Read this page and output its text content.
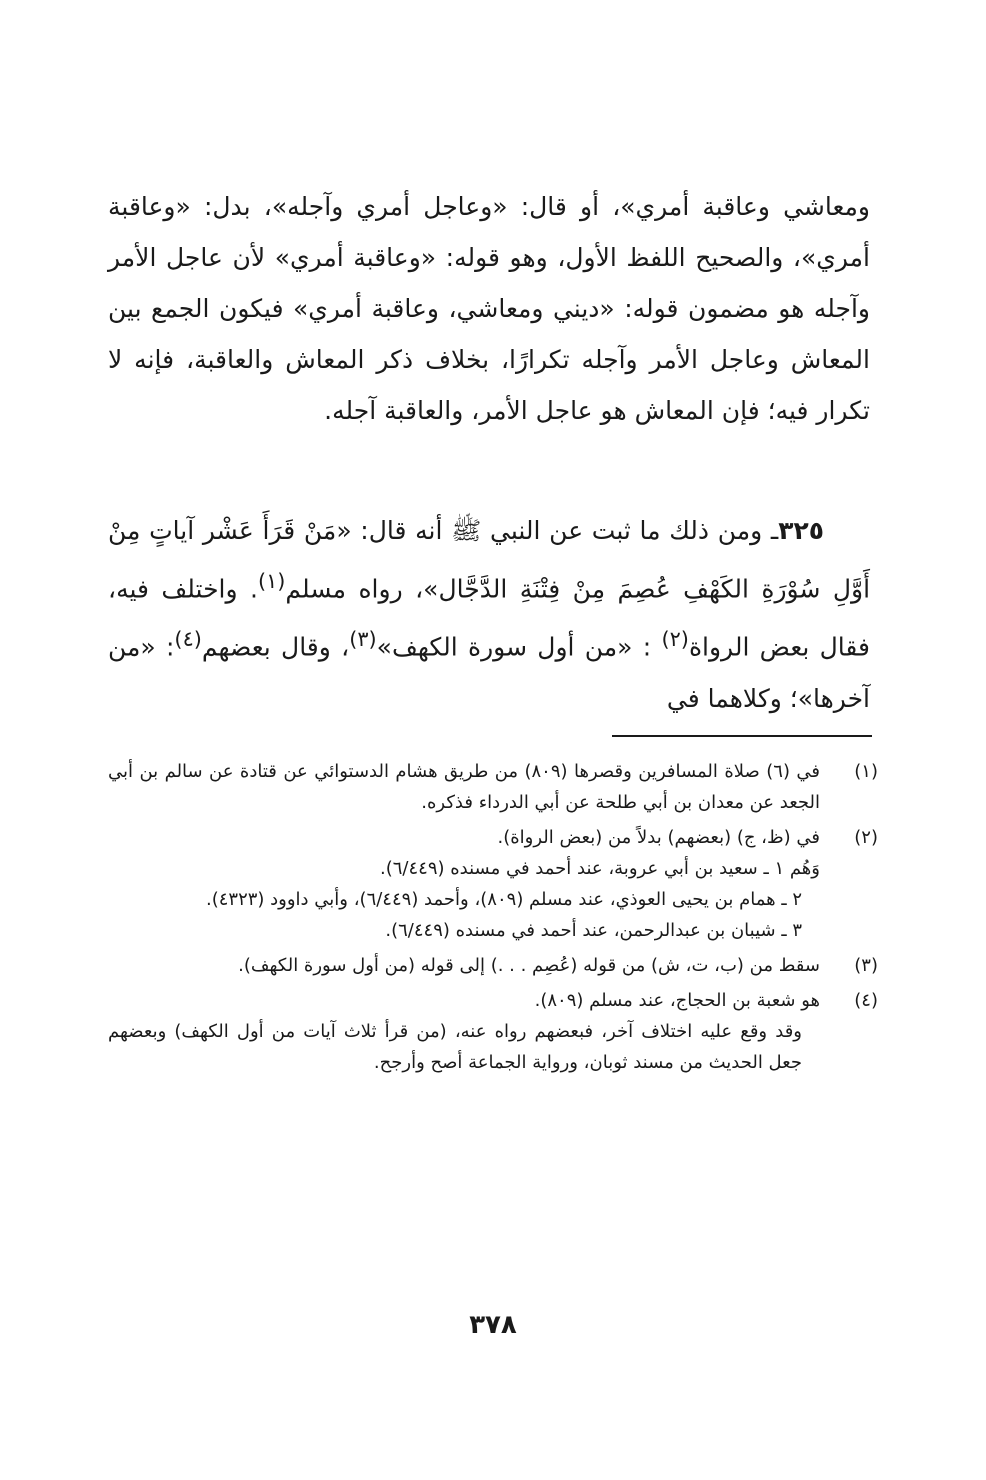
ومعاشي وعاقبة أمري»، أو قال: «وعاجل أمري وآجله»، بدل: «وعاقبة أمري»، والصحيح اللفظ الأول، وهو قوله: «وعاقبة أمري» لأن عاجل الأمر وآجله هو مضمون قوله: «ديني ومعاشي، وعاقبة أمري» فيكون الجمع بين المعاش وعاجل الأمر وآجله تكرارًا، بخلاف ذكر المعاش والعاقبة، فإنه لا تكرار فيه؛ فإن المعاش هو عاجل الأمر، والعاقبة آجله.

٣٢٥ـ ومن ذلك ما ثبت عن النبي ﷺ أنه قال: «مَنْ قَرَأَ عَشْر آياتٍ مِنْ أَوَّلِ سُوْرَةِ الكَهْفِ عُصِمَ مِنْ فِتْنَةِ الدَّجَّال»، رواه مسلم$^{(١)}$. واختلف فيه، فقال بعض الرواة$^{(٢)}$ : «من أول سورة الكهف»$^{(٣)}$، وقال بعضهم$^{(٤)}$: «من آخرها»؛ وكلاهما في

(١)
في (٦) صلاة المسافرين وقصرها (٨٠٩) من طريق هشام الدستوائي عن قتادة عن سالم بن أبي الجعد عن معدان بن أبي طلحة عن أبي الدرداء فذكره.
(٢)
في (ظ، ج) (بعضهم) بدلاً من (بعض الرواة).
وَهُم ١ ـ سعيد بن أبي عروبة، عند أحمد في مسنده (٦/٤٤٩).
٢ ـ همام بن يحيى العوذي، عند مسلم (٨٠٩)، وأحمد (٦/٤٤٩)، وأبي داوود (٤٣٢٣).
٣ ـ شيبان بن عبدالرحمن، عند أحمد في مسنده (٦/٤٤٩).
(٣)
سقط من (ب، ت، ش) من قوله (عُصِم . . .) إلى قوله (من أول سورة الكهف).
(٤)
هو شعبة بن الحجاج، عند مسلم (٨٠٩).
وقد وقع عليه اختلاف آخر، فبعضهم رواه عنه، (من قرأ ثلاث آيات من أول الكهف) وبعضهم جعل الحديث من مسند ثوبان، ورواية الجماعة أصح وأرجح.
٣٧٨
